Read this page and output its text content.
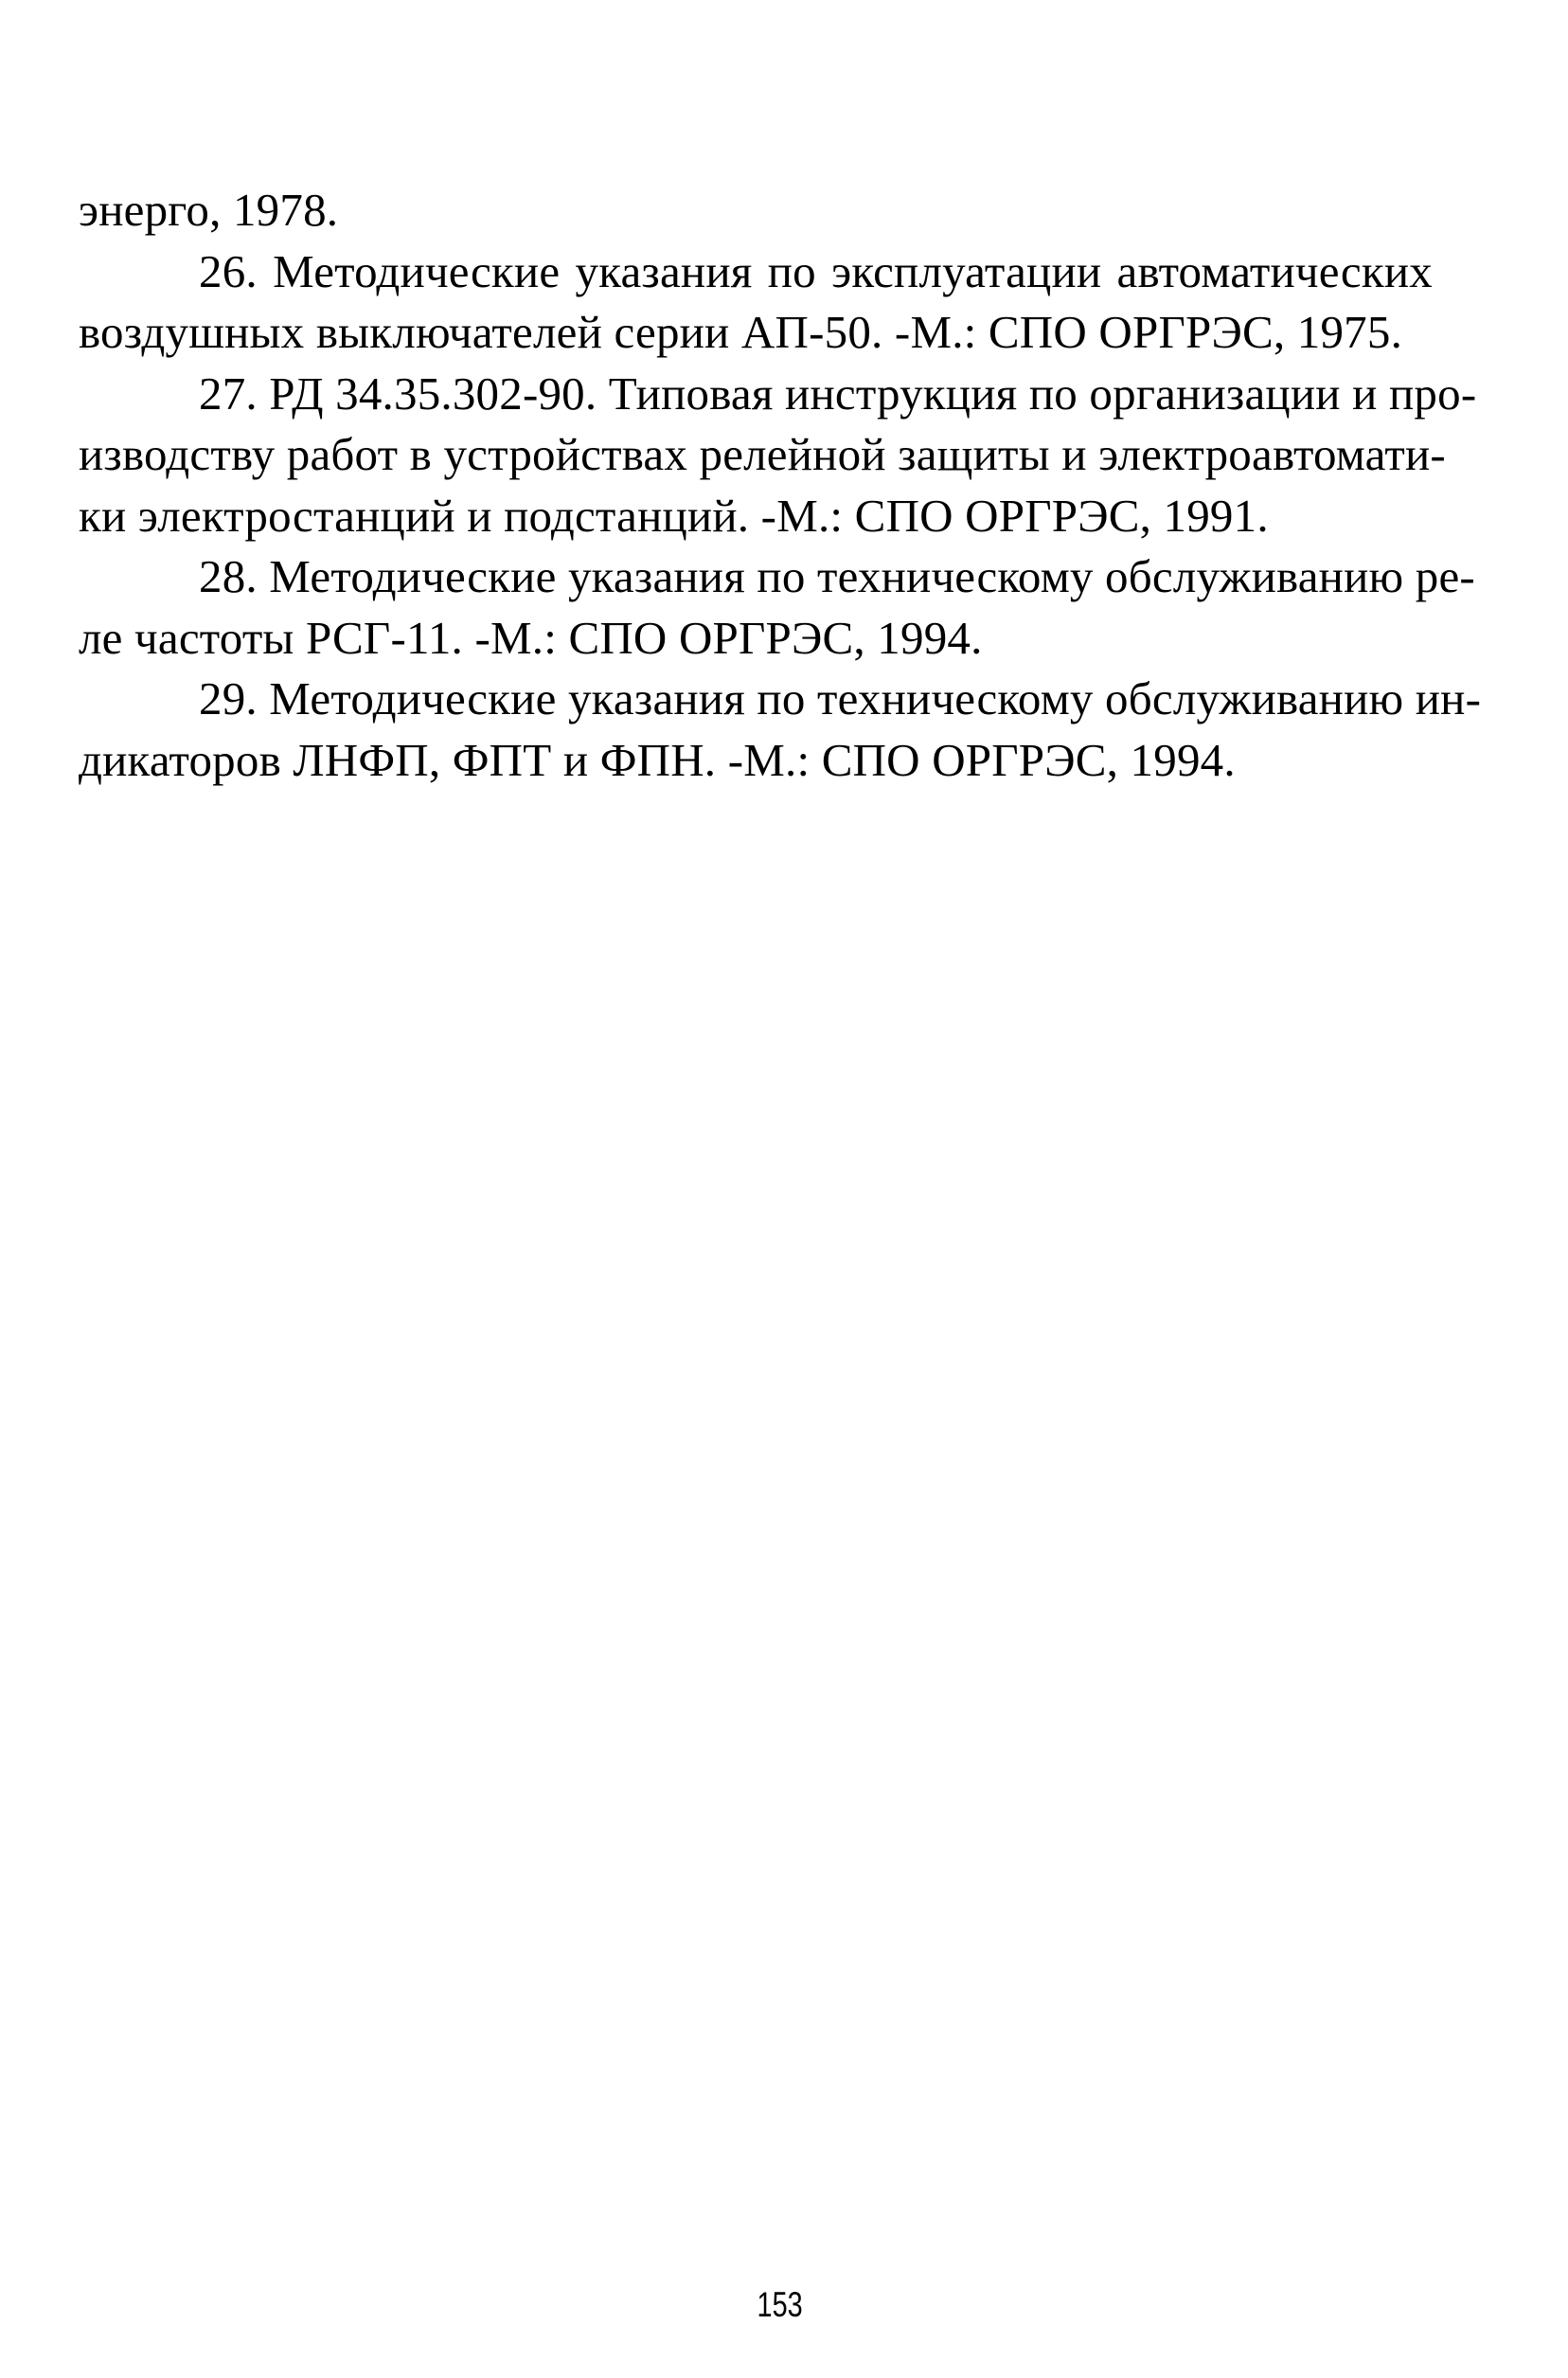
энерго, 1978.
26. Методические указания по эксплуатации автоматических
воздушных выключателей серии АП-50. -М.: СПО ОРГРЭС, 1975.
27. РД 34.35.302-90. Типовая инструкция по организации и про-
изводству работ в устройствах релейной защиты и электроавтомати-
ки электростанций и подстанций. -М.: СПО ОРГРЭС, 1991.
28. Методические указания по техническому обслуживанию ре-
ле частоты РСГ-11. -М.: СПО ОРГРЭС, 1994.
29. Методические указания по техническому обслуживанию ин-
дикаторов ЛНФП, ФПТ и ФПН. -М.: СПО ОРГРЭС, 1994.
153
